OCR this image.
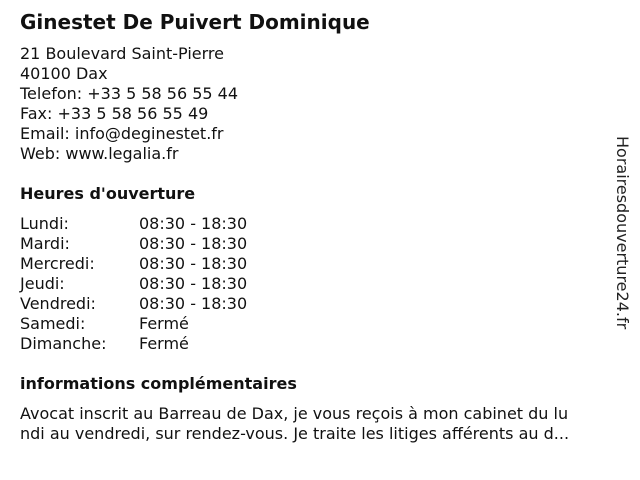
Ginestet De Puivert Dominique
21 Boulevard Saint-Pierre
40100 Dax
Telefon: +33 5 58 56 55 44
Fax: +33 5 58 56 55 49
Email: info@deginestet.fr
Web: www.legalia.fr
Heures d'ouverture
Lundi:	08:30 - 18:30
Mardi:	08:30 - 18:30
Mercredi:	08:30 - 18:30
Jeudi:	08:30 - 18:30
Vendredi:	08:30 - 18:30
Samedi:	Fermé
Dimanche: Fermé
informations complémentaires
Avocat inscrit au Barreau de Dax, je vous reçois à mon cabinet du lu
ndi au vendredi, sur rendez-vous. Je traite les litiges afférents au d...
Horairesdouverture24.fr
